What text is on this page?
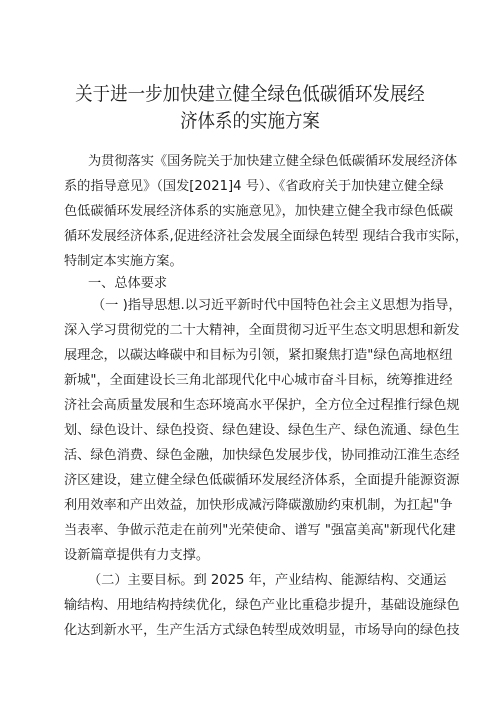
关于进一步加快建立健全绿色低碳循环发展经
济体系的实施方案
为贯彻落实《国务院关于加快建立健全绿色低碳循环发展经济体
系的指导意见》（国发[2021]4 号）、《省政府关于加快建立健全绿
色低碳循环发展经济体系的实施意见》，加快建立健全我市绿色低碳
循环发展经济体系,促进经济社会发展全面绿色转型 现结合我市实际，
特制定本实施方案。
一、总体要求
（一 )指导思想.以习近平新时代中国特色社会主义思想为指导，
深入学习贯彻党的二十大精神，全面贯彻习近平生态文明思想和新发
展理念，以碳达峰碳中和目标为引领，紧扣聚焦打造"绿色高地枢纽
新城"，全面建设长三角北部现代化中心城市奋斗目标，统筹推进经
济社会高质量发展和生态环境高水平保护，全方位全过程推行绿色规
划、绿色设计、绿色投资、绿色建设、绿色生产、绿色流通、绿色生
活、绿色消费、绿色金融，加快绿色发展步伐，协同推动江淮生态经
济区建设，建立健全绿色低碳循环发展经济体系，全面提升能源资源
利用效率和产出效益，加快形成减污降碳激励约束机制，为扛起"争
当表率、争做示范走在前列"光荣使命、谱写 "强富美高"新现代化建
设新篇章提供有力支撑。
（二）主要目标。到 2025 年，产业结构、能源结构、交通运
输结构、用地结构持续优化，绿色产业比重稳步提升，基础设施绿色
化达到新水平，生产生活方式绿色转型成效明显，市场导向的绿色技
